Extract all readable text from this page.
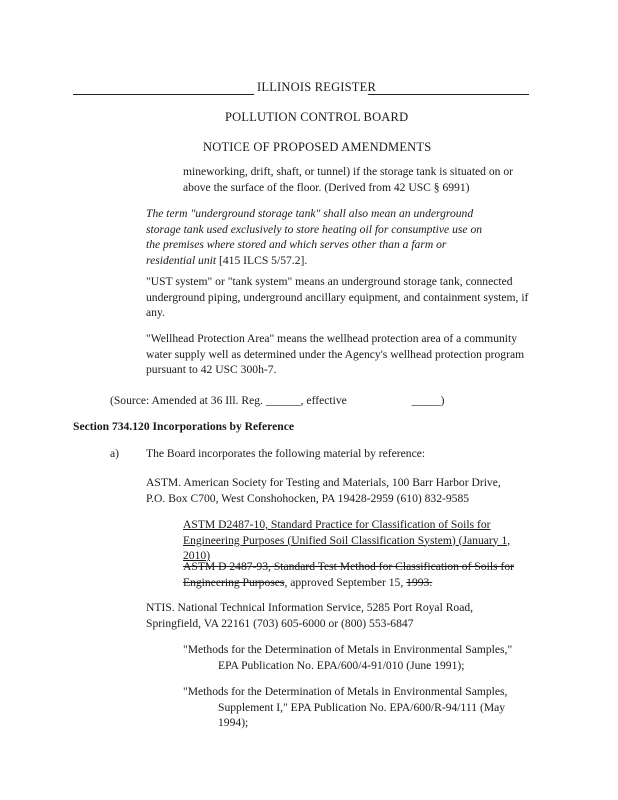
ILLINOIS REGISTER
POLLUTION CONTROL BOARD
NOTICE OF PROPOSED AMENDMENTS
mineworking, drift, shaft, or tunnel) if the storage tank is situated on or
above the surface of the floor. (Derived from 42 USC § 6991)
The term "underground storage tank" shall also mean an underground
storage tank used exclusively to store heating oil for consumptive use on
the premises where stored and which serves other than a farm or
residential unit [415 ILCS 5/57.2].
"UST system" or "tank system" means an underground storage tank, connected
underground piping, underground ancillary equipment, and containment system, if
any.
"Wellhead Protection Area" means the wellhead protection area of a community
water supply well as determined under the Agency's wellhead protection program
pursuant to 42 USC 300h-7.
(Source: Amended at 36 Ill. Reg. ______, effective	_____)
Section 734.120 Incorporations by Reference
a) The Board incorporates the following material by reference:
ASTM. American Society for Testing and Materials, 100 Barr Harbor Drive,
P.O. Box C700, West Conshohocken, PA 19428-2959 (610) 832-9585
ASTM D2487-10, Standard Practice for Classification of Soils for
Engineering Purposes (Unified Soil Classification System) (January 1,
2010)
ASTM D 2487-93, Standard Test Method for Classification of Soils for
Engineering Purposes, approved September 15, 1993.
NTIS. National Technical Information Service, 5285 Port Royal Road,
Springfield, VA 22161 (703) 605-6000 or (800) 553-6847
"Methods for the Determination of Metals in Environmental Samples,"
EPA Publication No. EPA/600/4-91/010 (June 1991);
"Methods for the Determination of Metals in Environmental Samples,
Supplement I," EPA Publication No. EPA/600/R-94/111 (May
1994);
